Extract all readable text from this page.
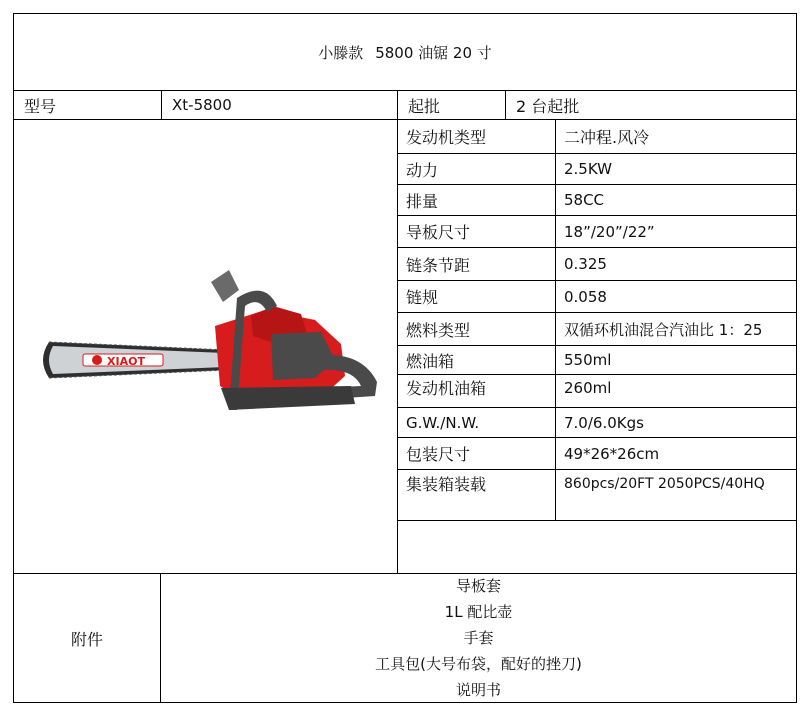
小滕款 5800 油锯 20 寸
型号	Xt-5800	起批	2 台起批
XIAOT
发动机类型	二冲程.风冷
动力	2.5KW
排量	58CC
导板尺寸	18”/20”/22”
链条节距	0.325
链规	0.058
燃料类型	双循环机油混合汽油比 1：25
燃油箱	550ml
发动机油箱	260ml
G.W./N.W.	7.0/6.0Kgs
包装尺寸	49*26*26cm
集装箱装载	860pcs/20FT 2050PCS/40HQ
附件
导板套
1L 配比壶
手套
工具包(大号布袋，配好的挫刀)
说明书
